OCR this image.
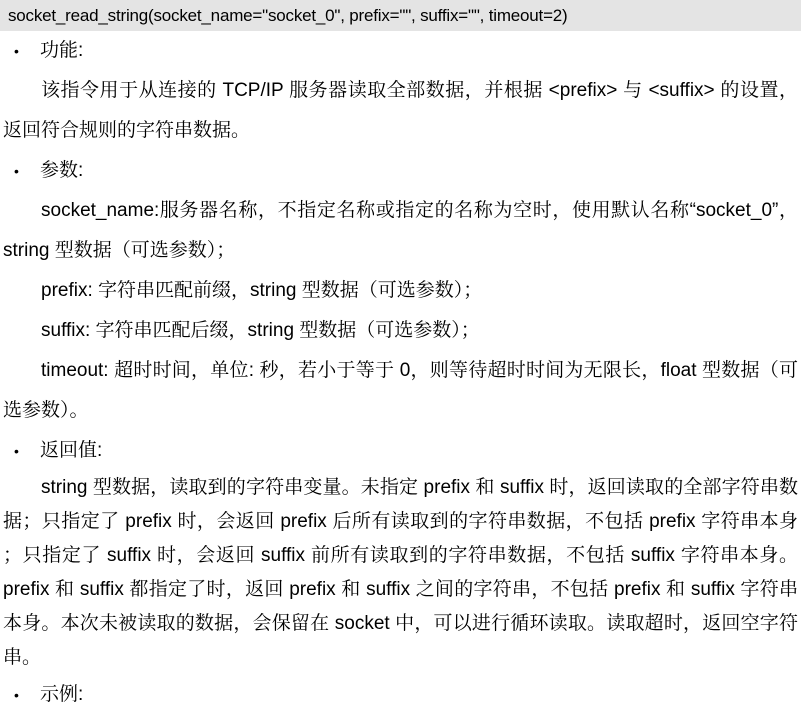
socket_read_string(socket_name="socket_0", prefix="", suffix="", timeout=2)
•	功能:

该指令用于从连接的 TCP/IP 服务器读取全部数据，并根据 <prefix> 与 <suffix> 的设置，返回符合规则的字符串数据。

•	参数:

socket_name:服务器名称，不指定名称或指定的名称为空时，使用默认名称“socket_0”，string 型数据（可选参数）；

prefix: 字符串匹配前缀，string 型数据（可选参数）；

suffix: 字符串匹配后缀，string 型数据（可选参数）；

timeout: 超时时间，单位: 秒，若小于等于 0，则等待超时时间为无限长，float 型数据（可选参数）。

•	返回值:

string 型数据，读取到的字符串变量。未指定 prefix 和 suffix 时，返回读取的全部字符串数据；只指定了 prefix 时，会返回 prefix 后所有读取到的字符串数据，不包括 prefix 字符串本身 ；只指定了 suffix 时，会返回 suffix 前所有读取到的字符串数据，不包括 suffix 字符串本身。prefix 和 suffix 都指定了时，返回 prefix 和 suffix 之间的字符串，不包括 prefix 和 suffix 字符串本身。本次未被读取的数据，会保留在 socket 中，可以进行循环读取。读取超时，返回空字符串。

•	示例:
